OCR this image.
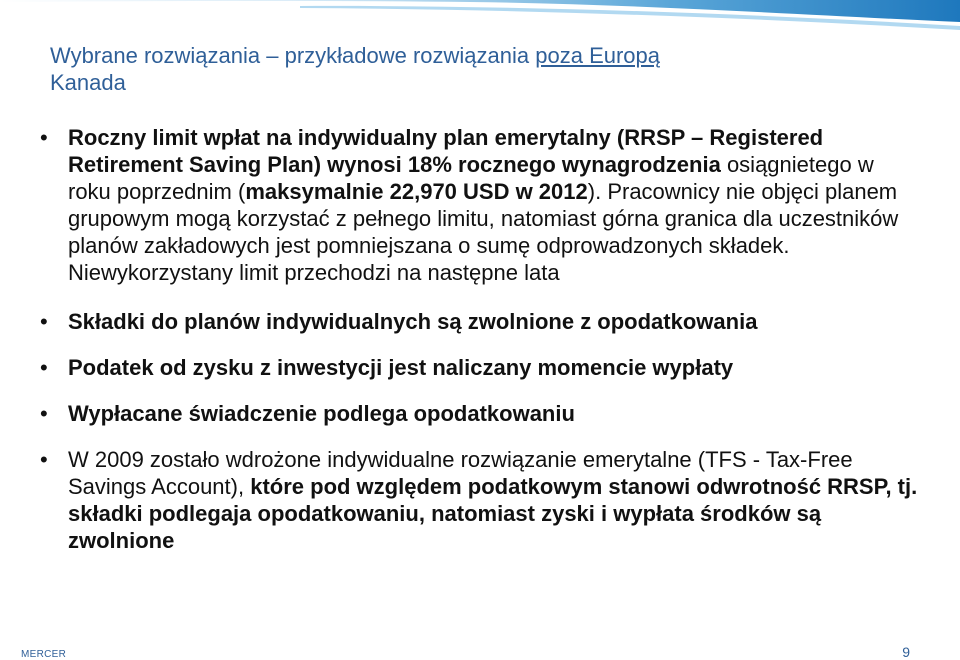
Wybrane rozwiązania – przykładowe rozwiązania poza Europą
Kanada
• Roczny limit wpłat na indywidualny plan emerytalny (RRSP – Registered Retirement Saving Plan) wynosi 18% rocznego wynagrodzenia osiągnietego w roku poprzednim (maksymalnie 22,970 USD w 2012). Pracownicy nie objęci planem grupowym mogą korzystać z pełnego limitu, natomiast górna granica dla uczestników planów zakładowych jest pomniejszana o sumę odprowadzonych składek. Niewykorzystany limit przechodzi na następne lata
• Składki do planów indywidualnych są zwolnione z opodatkowania
• Podatek od zysku z inwestycji jest naliczany momencie wypłaty
• Wypłacane świadczenie podlega opodatkowaniu
• W 2009 zostało wdrożone indywidualne rozwiązanie emerytalne (TFS - Tax-Free Savings Account), które pod względem podatkowym stanowi odwrotność RRSP, tj. składki podlegaja opodatkowaniu, natomiast zyski i wypłata środków są zwolnione
MERCER	9
